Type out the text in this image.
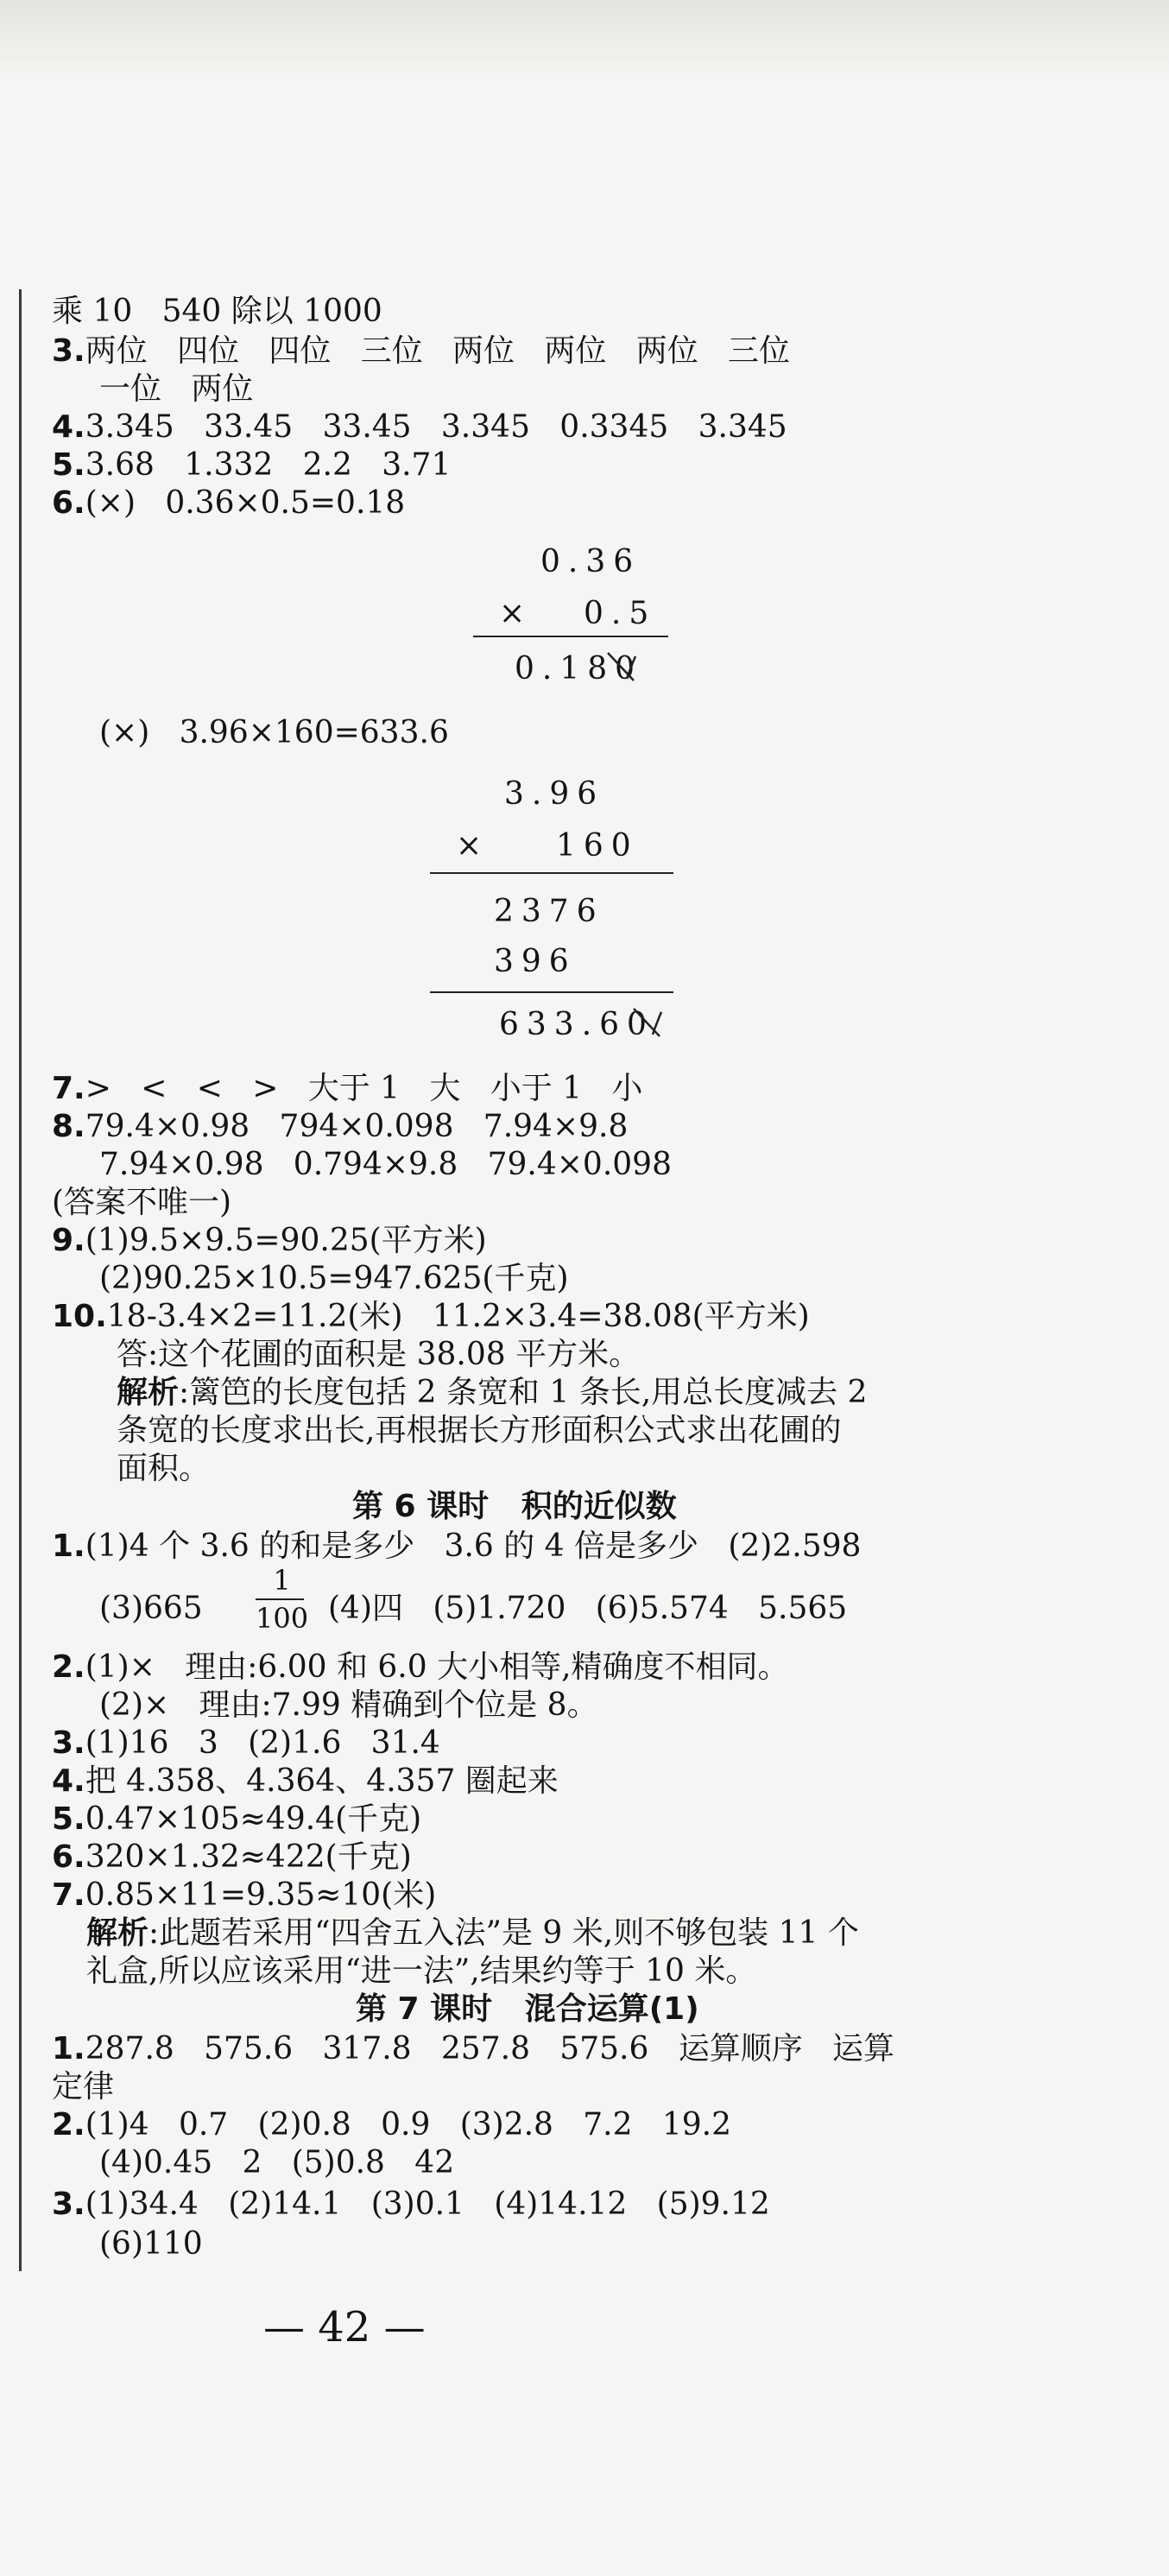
乘 10   540 除以 1000
3.两位   四位   四位   三位   两位   两位   两位   三位
一位   两位
4.3.345   33.45   33.45   3.345   0.3345   3.345
5.3.68   1.332   2.2   3.71
6.(×)   0.36×0.5=0.18
0.36
× 0.5
0.180
(×)   3.96×160=633.6
3.96
× 160
2376
396
633.60
7.>   <   <   >   大于 1   大   小于 1   小
8.79.4×0.98   794×0.098   7.94×9.8
7.94×0.98   0.794×9.8   79.4×0.098
(答案不唯一)
9.(1)9.5×9.5=90.25(平方米)
(2)90.25×10.5=947.625(千克)
10.18-3.4×2=11.2(米)   11.2×3.4=38.08(平方米)
答:这个花圃的面积是 38.08 平方米。
解析:篱笆的长度包括 2 条宽和 1 条长,用总长度减去 2
条宽的长度求出长,再根据长方形面积公式求出花圃的
面积。
第 6 课时   积的近似数
1.(1)4 个 3.6 的和是多少   3.6 的 4 倍是多少   (2)2.598
(3)665
1
100 (4)四   (5)1.720   (6)5.574   5.565
2.(1)×   理由:6.00 和 6.0 大小相等,精确度不相同。
(2)×   理由:7.99 精确到个位是 8。
3.(1)16   3   (2)1.6   31.4
4.把 4.358、4.364、4.357 圈起来
5.0.47×105≈49.4(千克)
6.320×1.32≈422(千克)
7.0.85×11=9.35≈10(米)
解析:此题若采用“四舍五入法”是 9 米,则不够包装 11 个
礼盒,所以应该采用“进一法”,结果约等于 10 米。
第 7 课时   混合运算(1)
1.287.8   575.6   317.8   257.8   575.6   运算顺序   运算
定律
2.(1)4   0.7   (2)0.8   0.9   (3)2.8   7.2   19.2
(4)0.45   2   (5)0.8   42
3.(1)34.4   (2)14.1   (3)0.1   (4)14.12   (5)9.12
(6)110
— 42 —
